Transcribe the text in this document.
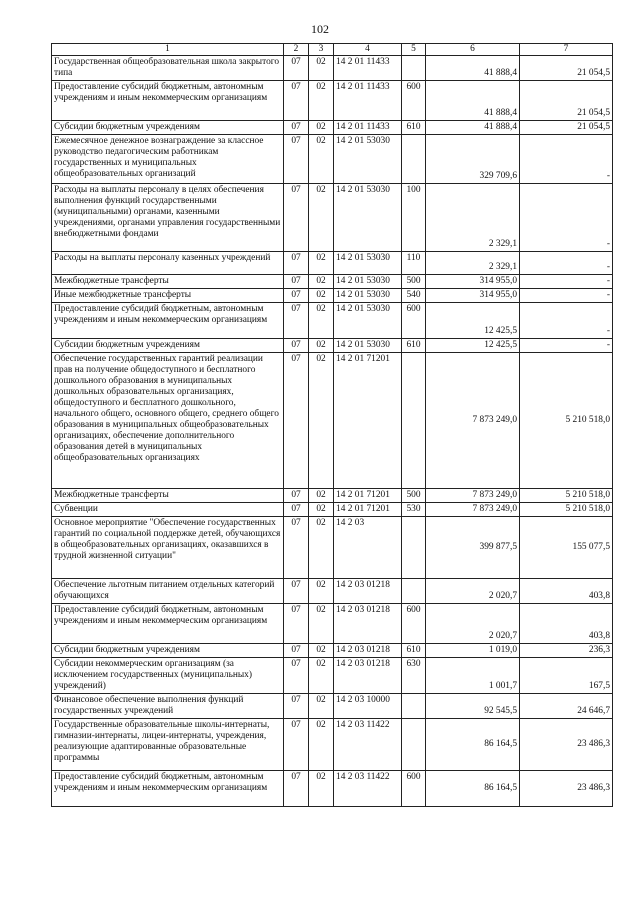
102
1	2	3	4	5	6	7
Государственная общеобразовательная школа закрытого типа	07	02	14 2 01 11433		41 888,4	21 054,5
Предоставление субсидий бюджетным, автономным учреждениям и иным некоммерческим организациям	07	02	14 2 01 11433	600	41 888,4	21 054,5
Субсидии бюджетным учреждениям	07	02	14 2 01 11433	610	41 888,4	21 054,5
Ежемесячное денежное вознаграждение за классное руководство педагогическим работникам государственных и муниципальных общеобразовательных организаций	07	02	14 2 01 53030		329 709,6	-
Расходы на выплаты персоналу в целях обеспечения выполнения функций государственными (муниципальными) органами, казенными учреждениями, органами управления государственными внебюджетными фондами	07	02	14 2 01 53030	100	2 329,1	-
Расходы на выплаты персоналу казенных учреждений	07	02	14 2 01 53030	110	2 329,1	-
Межбюджетные трансферты	07	02	14 2 01 53030	500	314 955,0	-
Иные межбюджетные трансферты	07	02	14 2 01 53030	540	314 955,0	-
Предоставление субсидий бюджетным, автономным учреждениям и иным некоммерческим организациям	07	02	14 2 01 53030	600	12 425,5	-
Субсидии бюджетным учреждениям	07	02	14 2 01 53030	610	12 425,5	-
Обеспечение государственных гарантий реализации прав на получение общедоступного и бесплатного дошкольного образования в муниципальных дошкольных образовательных организациях, общедоступного и бесплатного дошкольного, начального общего, основного общего, среднего общего образования в муниципальных общеобразовательных организациях, обеспечение дополнительного образования детей в муниципальных общеобразовательных организациях	07	02	14 2 01 71201		7 873 249,0	5 210 518,0
Межбюджетные трансферты	07	02	14 2 01 71201	500	7 873 249,0	5 210 518,0
Субвенции	07	02	14 2 01 71201	530	7 873 249,0	5 210 518,0
Основное мероприятие "Обеспечение государственных гарантий по социальной поддержке детей, обучающихся в общеобразовательных организациях, оказавшихся в трудной жизненной ситуации"	07	02	14 2 03		399 877,5	155 077,5
Обеспечение льготным питанием отдельных категорий обучающихся	07	02	14 2 03 01218		2 020,7	403,8
Предоставление субсидий бюджетным, автономным учреждениям и иным некоммерческим организациям	07	02	14 2 03 01218	600	2 020,7	403,8
Субсидии бюджетным учреждениям	07	02	14 2 03 01218	610	1 019,0	236,3
Субсидии некоммерческим организациям (за исключением государственных (муниципальных) учреждений)	07	02	14 2 03 01218	630	1 001,7	167,5
Финансовое обеспечение выполнения функций государственных учреждений	07	02	14 2 03 10000		92 545,5	24 646,7
Государственные образовательные школы-интернаты, гимназии-интернаты, лицеи-интернаты, учреждения, реализующие адаптированные образовательные программы	07	02	14 2 03 11422		86 164,5	23 486,3
Предоставление субсидий бюджетным, автономным учреждениям и иным некоммерческим организациям	07	02	14 2 03 11422	600	86 164,5	23 486,3
